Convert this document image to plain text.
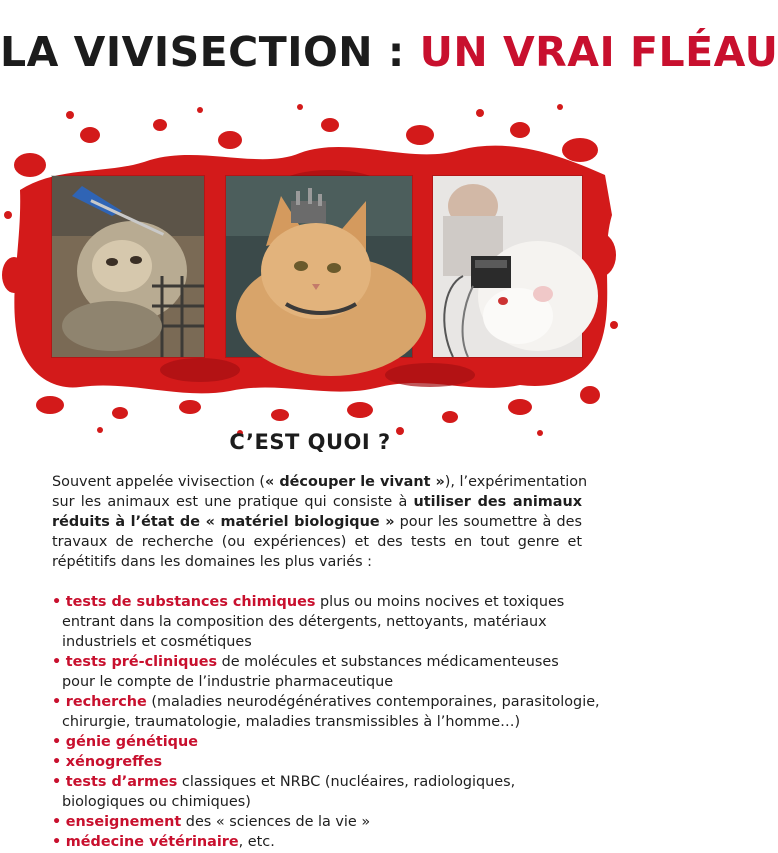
LA VIVISECTION : UN VRAI FLÉAU
C’EST QUOI ?
Souvent appelée vivisection (« découper le vivant »), l’expérimentation
sur les animaux est une pratique qui consiste à utiliser des animaux
réduits à l’état de « matériel biologique » pour les soumettre à des
travaux de recherche (ou expériences) et des tests en tout genre et
répétitifs dans les domaines les plus variés :
• tests de substances chimiques plus ou moins nocives et toxiques
entrant dans la composition des détergents, nettoyants, matériaux
industriels et cosmétiques
• tests pré-cliniques de molécules et substances médicamenteuses
pour le compte de l’industrie pharmaceutique
• recherche (maladies neurodégénératives contemporaines, parasitologie,
chirurgie, traumatologie, maladies transmissibles à l’homme…)
• génie génétique
• xénogreffes
• tests d’armes classiques et NRBC (nucléaires, radiologiques,
biologiques ou chimiques)
• enseignement des « sciences de la vie »
• médecine vétérinaire, etc.
